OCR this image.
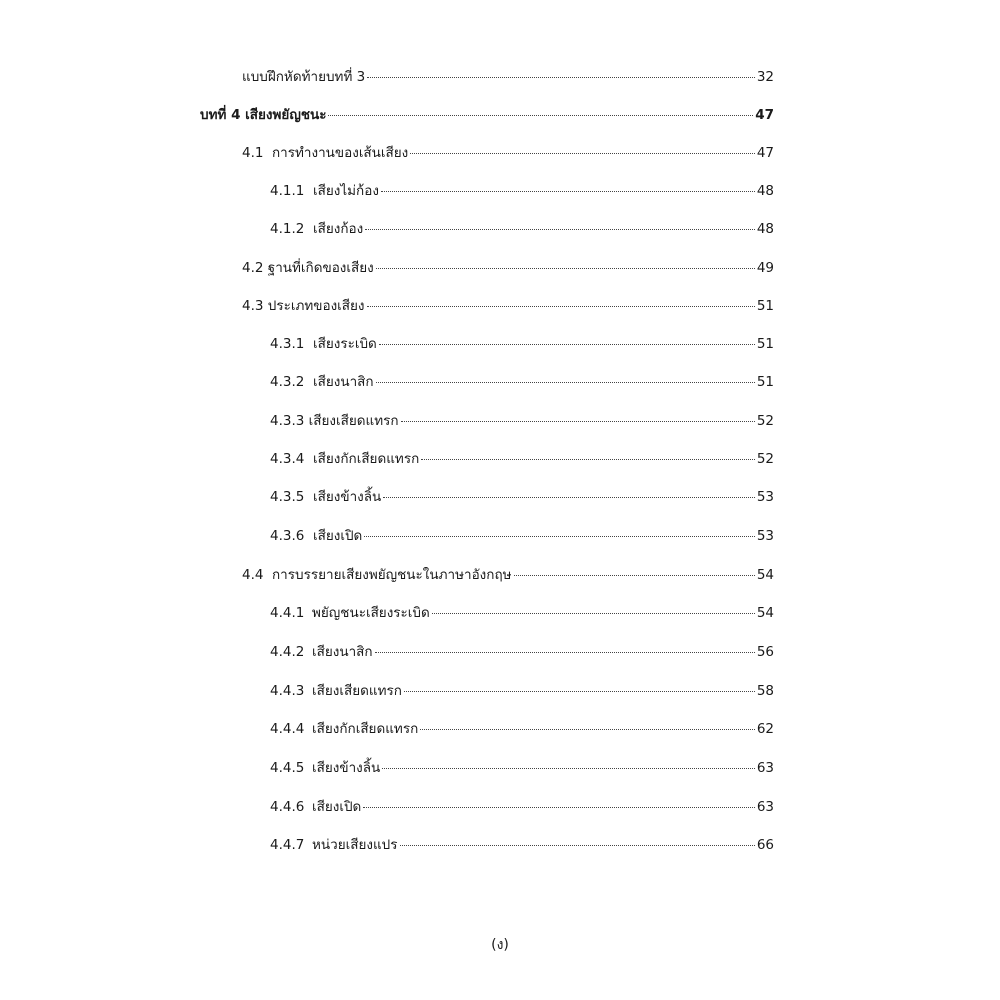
แบบฝึกหัดท้ายบทที่ 3	32
บทที่ 4 เสียงพยัญชนะ	47
4.1 การทำงานของเส้นเสียง	47
4.1.1 เสียงไม่ก้อง	48
4.1.2 เสียงก้อง	48
4.2 ฐานที่เกิดของเสียง	49
4.3 ประเภทของเสียง	51
4.3.1 เสียงระเบิด	51
4.3.2 เสียงนาสิก	51
4.3.3 เสียงเสียดแทรก	52
4.3.4 เสียงกักเสียดแทรก	52
4.3.5 เสียงข้างลิ้น	53
4.3.6 เสียงเปิด	53
4.4 การบรรยายเสียงพยัญชนะในภาษาอังกฤษ	54
4.4.1 พยัญชนะเสียงระเบิด	54
4.4.2 เสียงนาสิก	56
4.4.3 เสียงเสียดแทรก	58
4.4.4 เสียงกักเสียดแทรก	62
4.4.5 เสียงข้างลิ้น	63
4.4.6 เสียงเปิด	63
4.4.7 หน่วยเสียงแปร	66
(ง)
